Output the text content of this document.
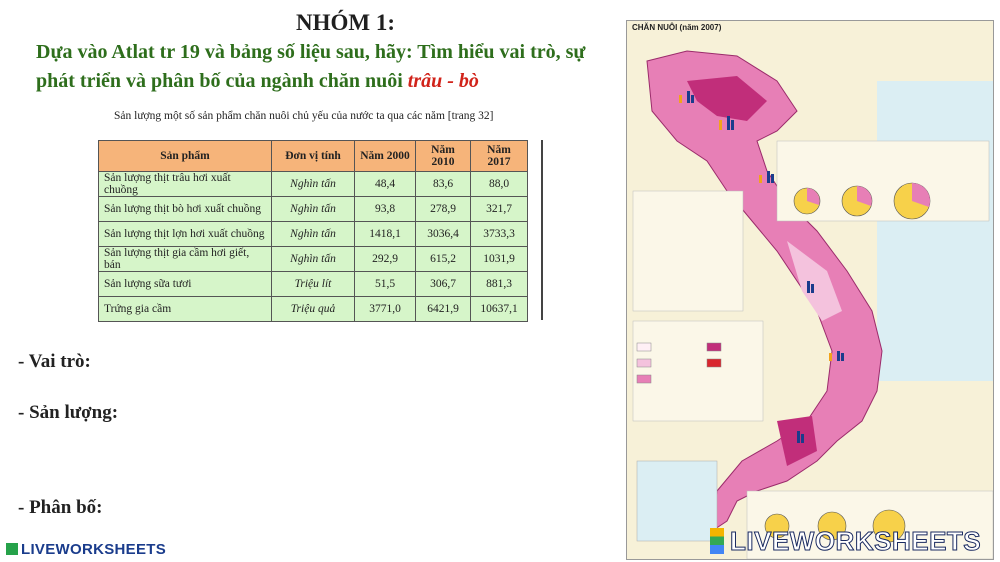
NHÓM 1:
Dựa vào Atlat tr 19 và bảng số liệu sau, hãy: Tìm hiểu vai trò, sự phát triển và phân bố của ngành chăn nuôi trâu - bò
Sản lượng một số sản phẩm chăn nuôi chủ yếu của nước ta qua các năm [trang 32]
Sản phẩm	Đơn vị tính	Năm 2000	Năm 2010	Năm 2017
Sản lượng thịt trâu hơi xuất chuồng	Nghìn tấn	48,4	83,6	88,0
Sản lượng thịt bò hơi xuất chuồng	Nghìn tấn	93,8	278,9	321,7
Sản lượng thịt lợn hơi xuất chuồng	Nghìn tấn	1418,1	3036,4	3733,3
Sản lượng thịt gia cầm hơi giết, bán	Nghìn tấn	292,9	615,2	1031,9
Sản lượng sữa tươi	Triệu lít	51,5	306,7	881,3
Trứng gia cầm	Triệu quả	3771,0	6421,9	10637,1
- Vai trò:
- Sản lượng:
- Phân bố:
LIVEWORKSHEETS
CHĂN NUÔI (năm 2007)
LIVEWORKSHEETS
